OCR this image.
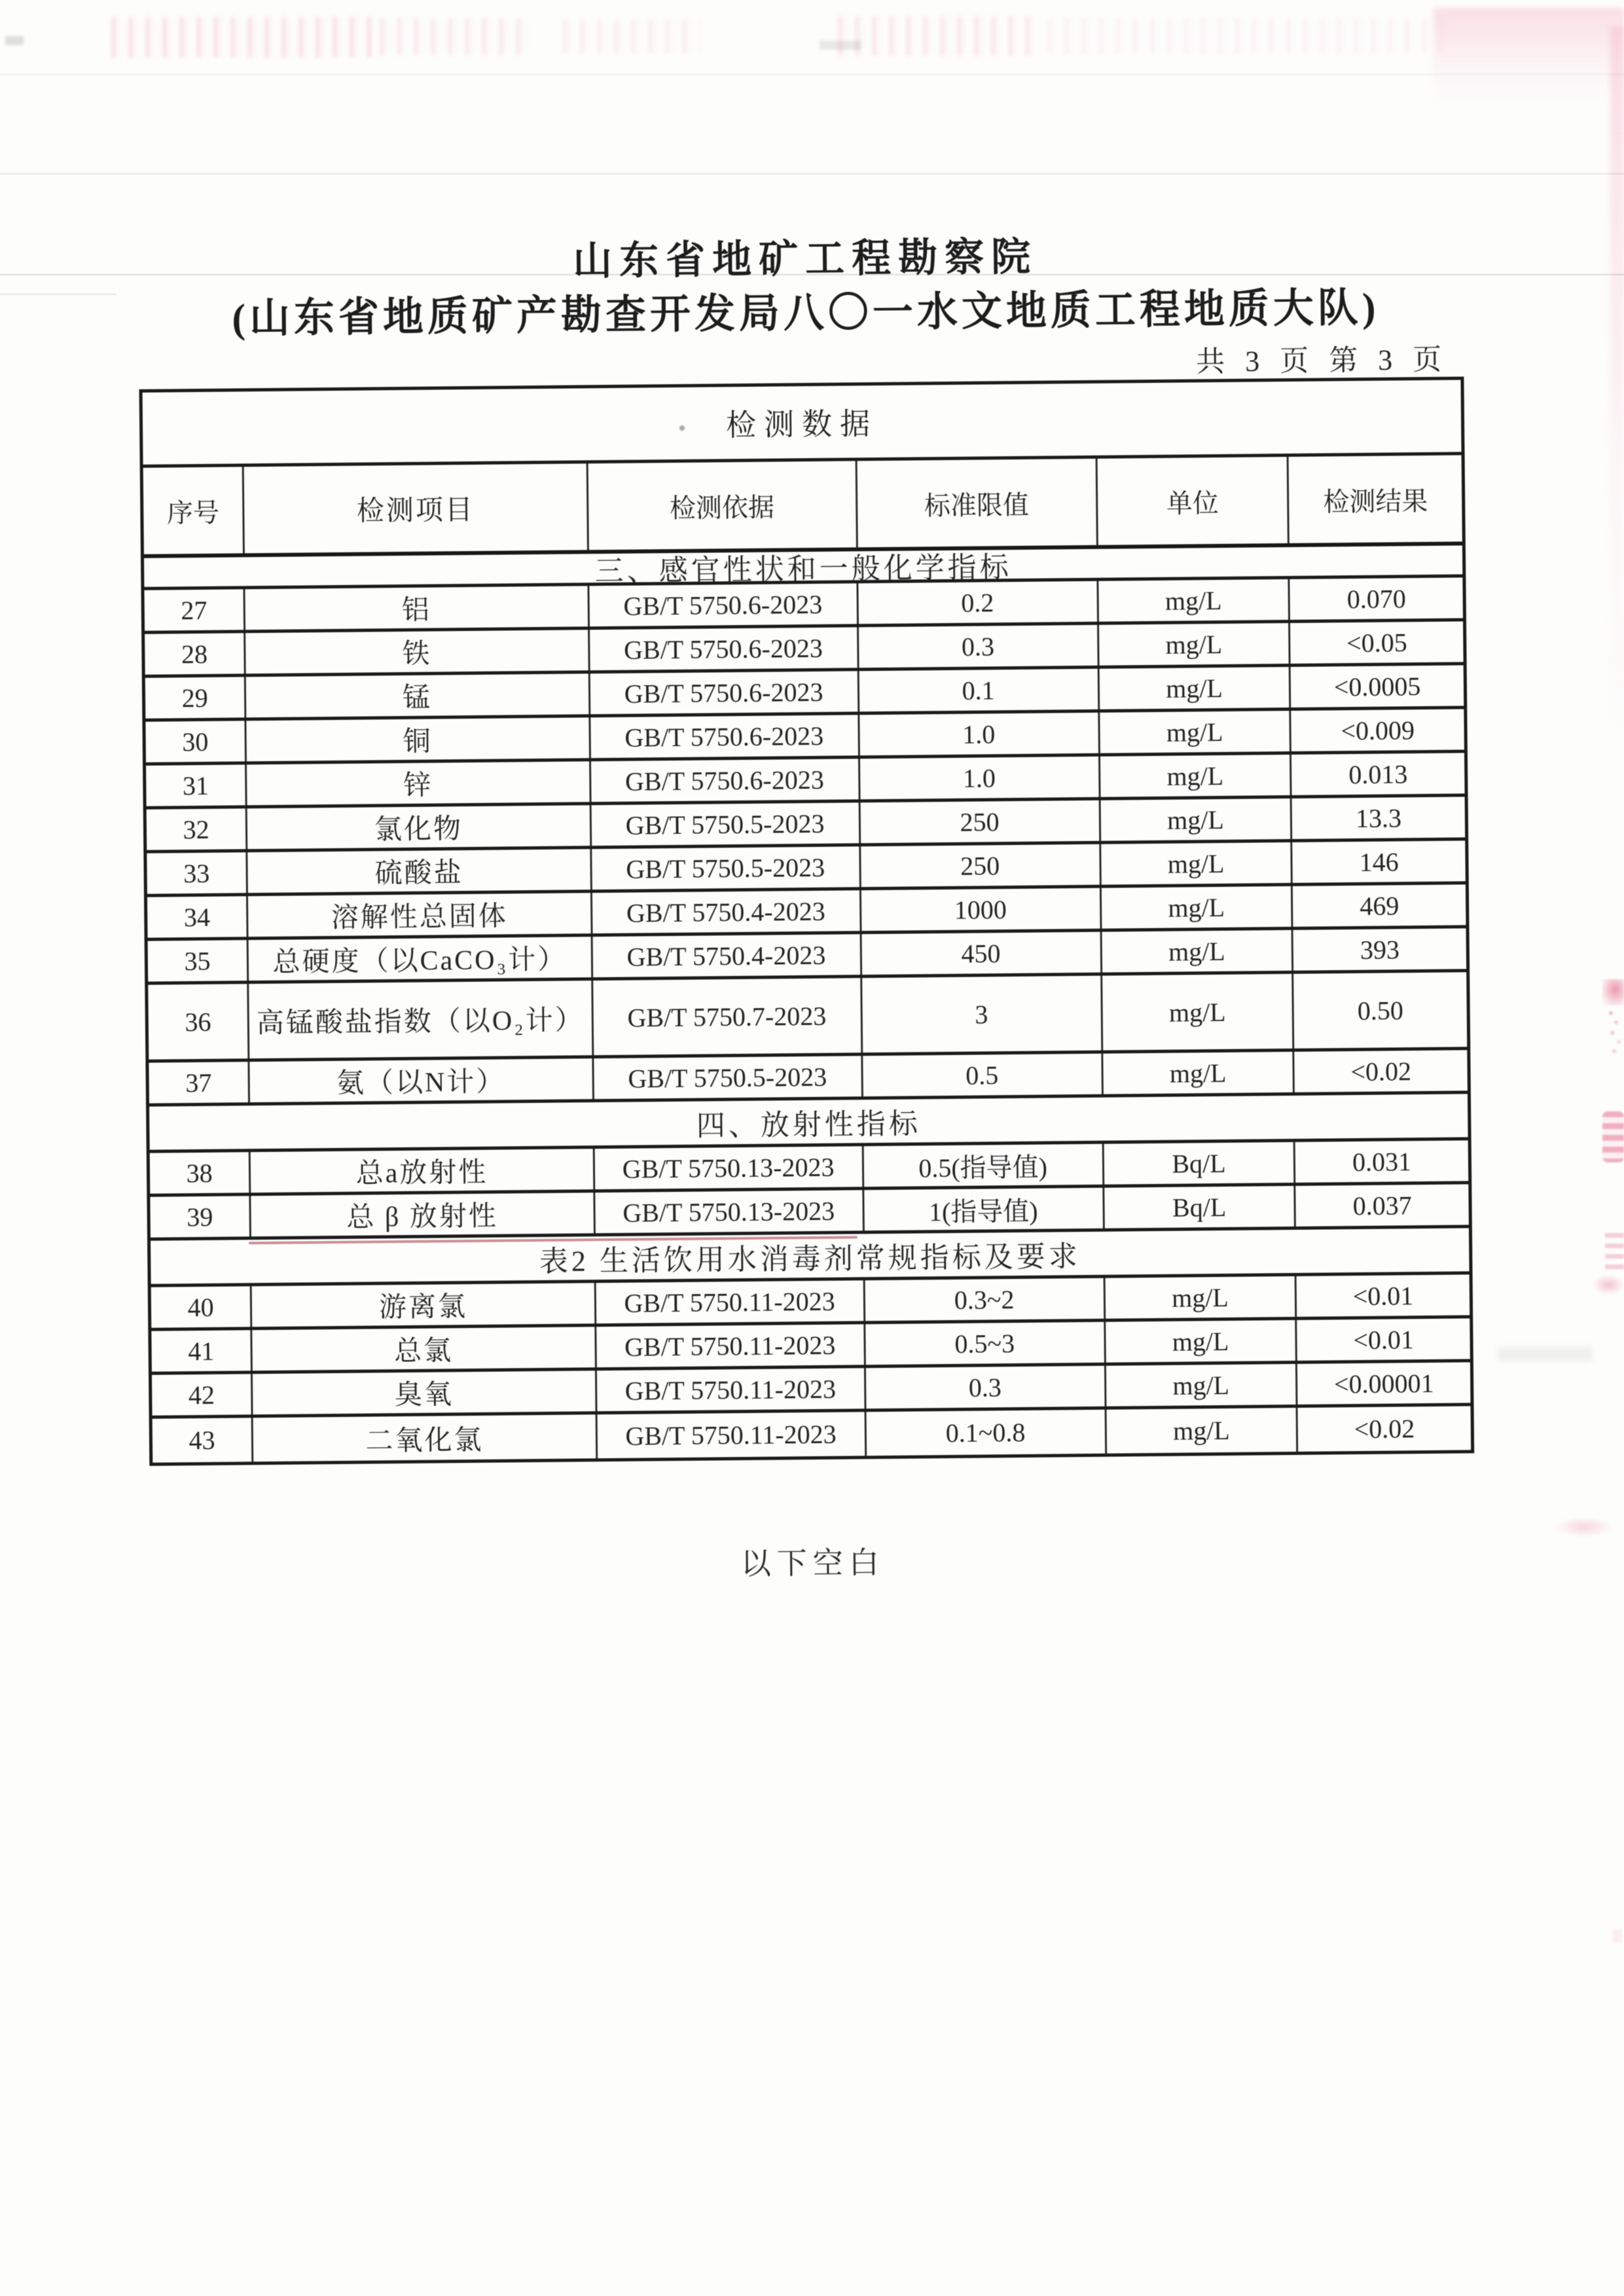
山东省地矿工程勘察院
(山东省地质矿产勘查开发局八〇一水文地质工程地质大队)
共 3 页 第 3 页
检测数据
序号	检测项目	检测依据	标准限值	单位	检测结果
三、感官性状和一般化学指标
27	铝	GB/T 5750.6-2023	0.2	mg/L	0.070
28	铁	GB/T 5750.6-2023	0.3	mg/L	<0.05
29	锰	GB/T 5750.6-2023	0.1	mg/L	<0.0005
30	铜	GB/T 5750.6-2023	1.0	mg/L	<0.009
31	锌	GB/T 5750.6-2023	1.0	mg/L	0.013
32	氯化物	GB/T 5750.5-2023	250	mg/L	13.3
33	硫酸盐	GB/T 5750.5-2023	250	mg/L	146
34	溶解性总固体	GB/T 5750.4-2023	1000	mg/L	469
35	总硬度（以CaCO₃计）	GB/T 5750.4-2023	450	mg/L	393
36	高锰酸盐指数（以O₂计）	GB/T 5750.7-2023	3	mg/L	0.50
37	氨（以N计）	GB/T 5750.5-2023	0.5	mg/L	<0.02
四、放射性指标
38	总a放射性	GB/T 5750.13-2023	0.5(指导值)	Bq/L	0.031
39	总 β 放射性	GB/T 5750.13-2023	1(指导值)	Bq/L	0.037
表2 生活饮用水消毒剂常规指标及要求
40	游离氯	GB/T 5750.11-2023	0.3~2	mg/L	<0.01
41	总氯	GB/T 5750.11-2023	0.5~3	mg/L	<0.01
42	臭氧	GB/T 5750.11-2023	0.3	mg/L	<0.00001
43	二氧化氯	GB/T 5750.11-2023	0.1~0.8	mg/L	<0.02
以下空白
